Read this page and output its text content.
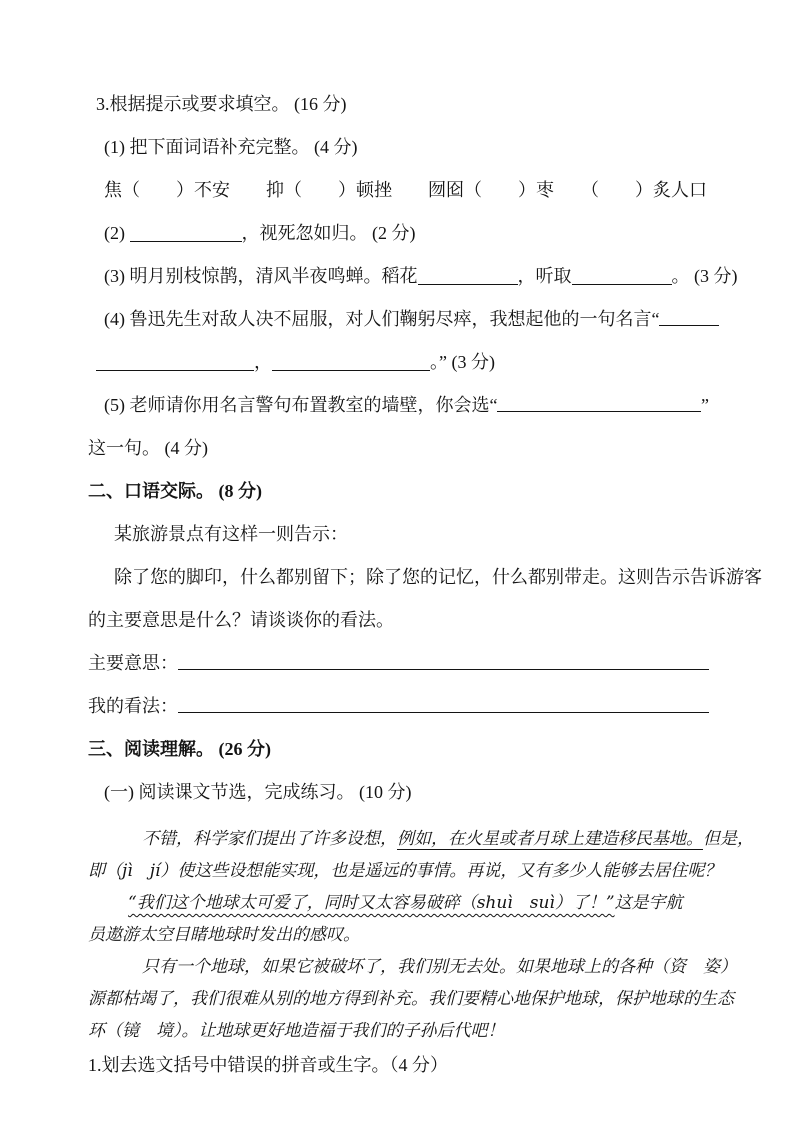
3.根据提示或要求填空。 (16 分)
(1) 把下面词语补充完整。 (4 分)
焦（　　）不安　　抑（　　）顿挫　　囫囵（　　）枣　　（　　）炙人口
(2)	，视死忽如归。 (2 分)
(3) 明月别枝惊鹊，清风半夜鸣蝉。稻花	，听取	。 (3 分)
(4) 鲁迅先生对敌人决不屈服，对人们鞠躬尽瘁，我想起他的一句名言“
，	。” (3 分)
(5) 老师请你用名言警句布置教室的墙壁，你会选“	”
这一句。 (4 分)
二、口语交际。 (8 分)
某旅游景点有这样一则告示：
除了您的脚印，什么都别留下；除了您的记忆，什么都别带走。这则告示告诉游客
的主要意思是什么？请谈谈你的看法。
主要意思：
我的看法：
三、阅读理解。 (26 分)
(一) 阅读课文节选，完成练习。 (10 分)
不错，科学家们提出了许多设想，例如，在火星或者月球上建造移民基地。但是，
即（jì　jí）使这些设想能实现，也是遥远的事情。再说，又有多少人能够去居住呢？
“我们这个地球太可爱了，同时又太容易破碎（shuì　suì）了！”这是宇航
员遨游太空目睹地球时发出的感叹。
只有一个地球，如果它被破坏了，我们别无去处。如果地球上的各种（资　姿）
源都枯竭了，我们很难从别的地方得到补充。我们要精心地保护地球，保护地球的生态
环（镜　境）。让地球更好地造福于我们的子孙后代吧！
1.划去选文括号中错误的拼音或生字。（4 分）
